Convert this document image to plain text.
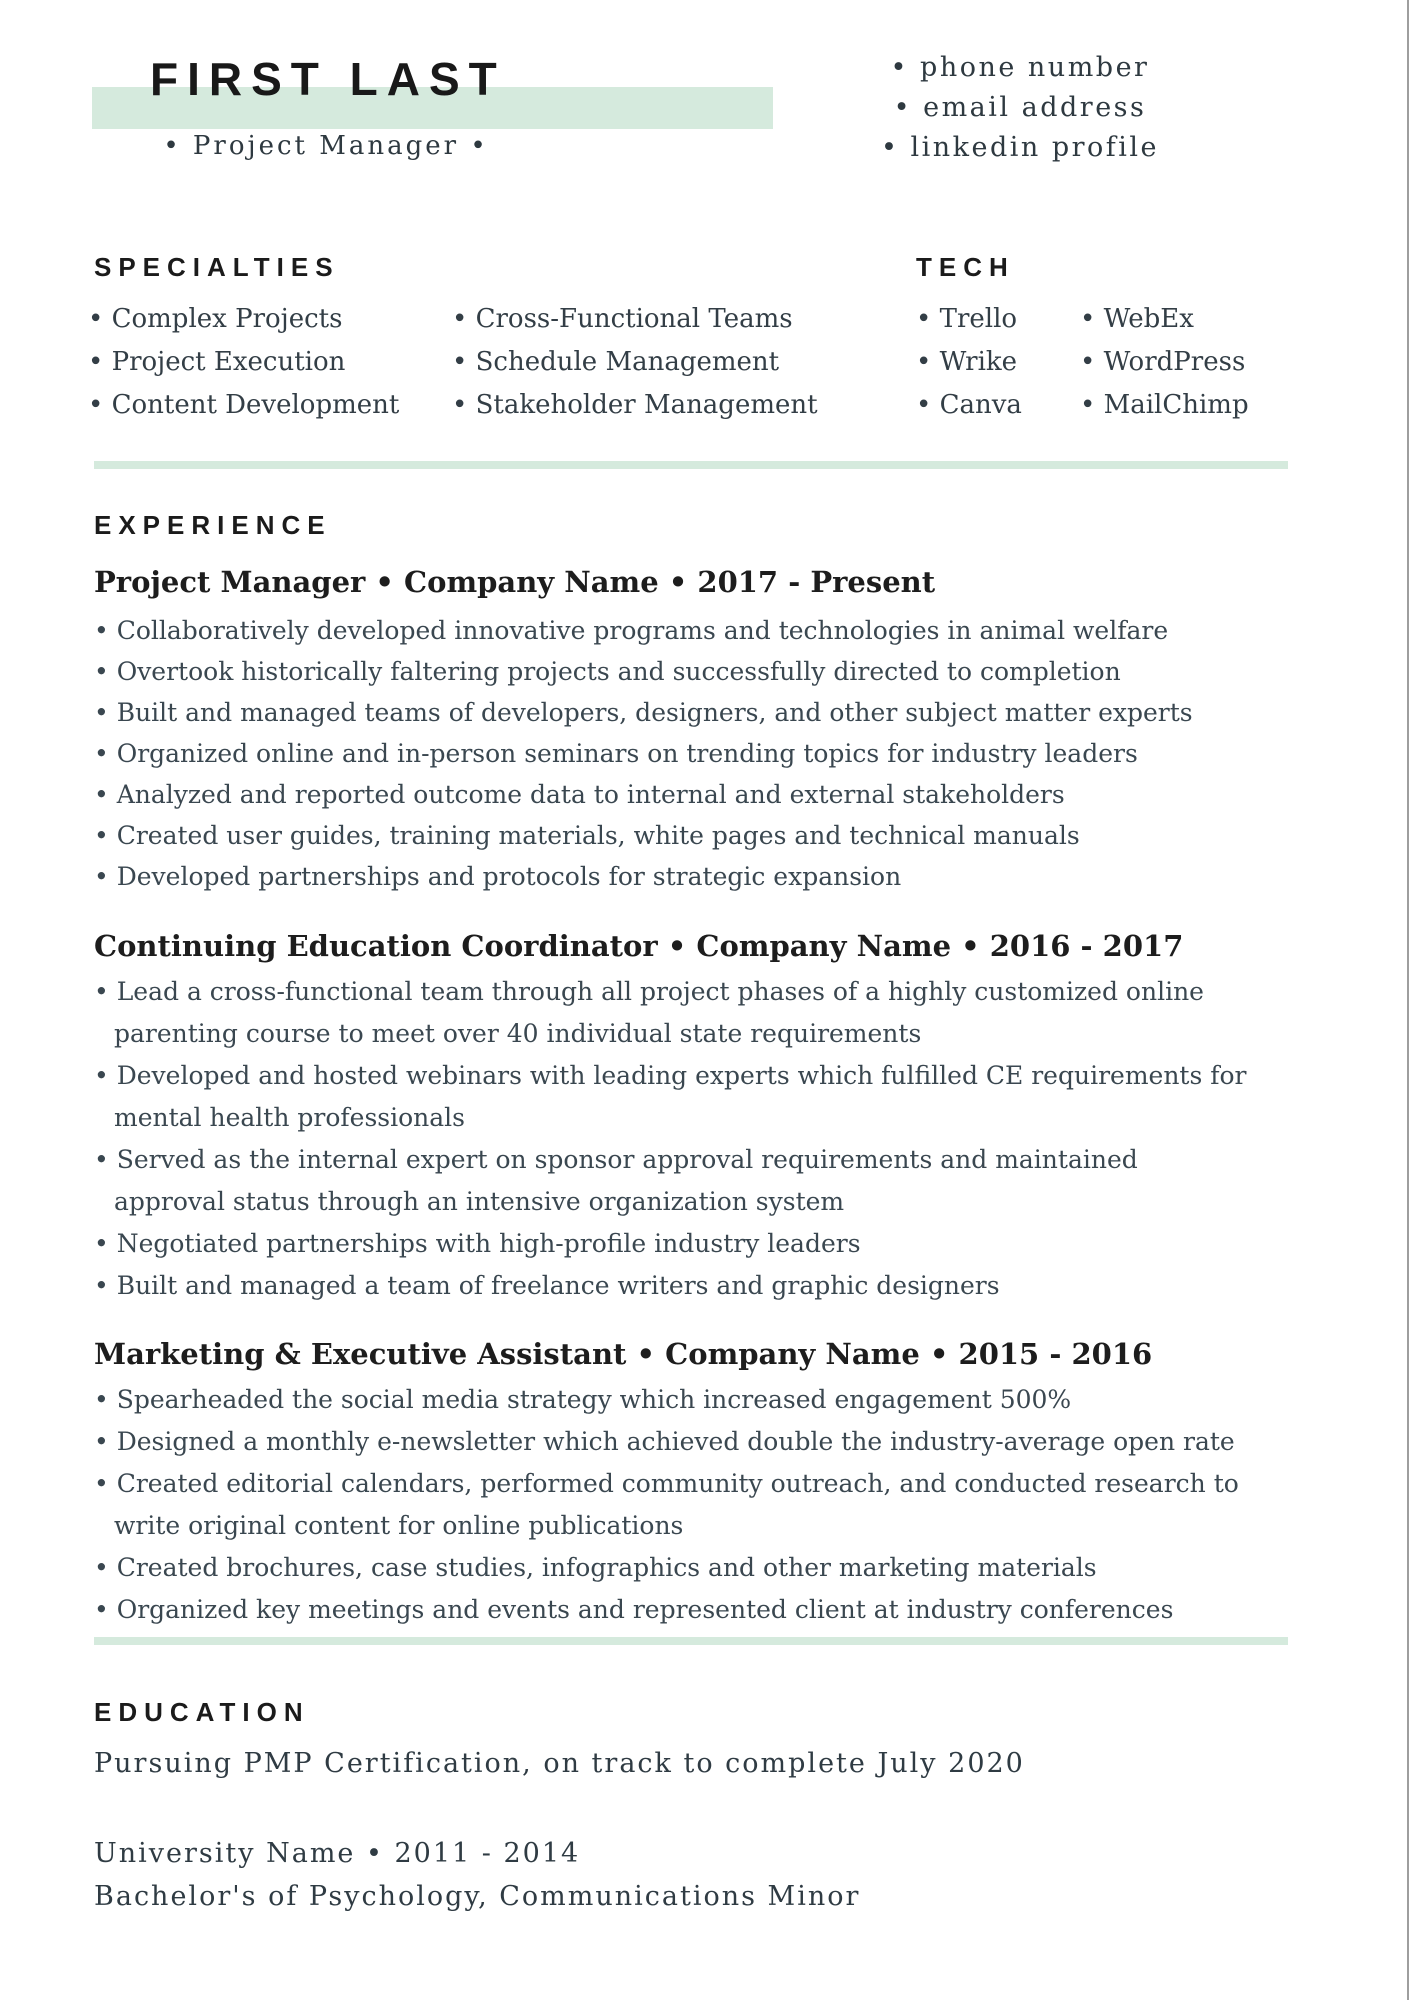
FIRST LAST
• Project Manager •
• phone number
• email address
• linkedin profile
SPECIALTIES
• Complex Projects
• Project Execution
• Content Development
• Cross-Functional Teams
• Schedule Management
• Stakeholder Management
TECH
• Trello
• Wrike
• Canva
• WebEx
• WordPress
• MailChimp
EXPERIENCE
Project Manager • Company Name • 2017 - Present
• Collaboratively developed innovative programs and technologies in animal welfare
• Overtook historically faltering projects and successfully directed to completion
• Built and managed teams of developers, designers, and other subject matter experts
• Organized online and in-person seminars on trending topics for industry leaders
• Analyzed and reported outcome data to internal and external stakeholders
• Created user guides, training materials, white pages and technical manuals
• Developed partnerships and protocols for strategic expansion
Continuing Education Coordinator • Company Name • 2016 - 2017
• Lead a cross-functional team through all project phases of a highly customized online
parenting course to meet over 40 individual state requirements
• Developed and hosted webinars with leading experts which fulfilled CE requirements for
mental health professionals
• Served as the internal expert on sponsor approval requirements and maintained
approval status through an intensive organization system
• Negotiated partnerships with high-profile industry leaders
• Built and managed a team of freelance writers and graphic designers
Marketing & Executive Assistant • Company Name • 2015 - 2016
• Spearheaded the social media strategy which increased engagement 500%
• Designed a monthly e-newsletter which achieved double the industry-average open rate
• Created editorial calendars, performed community outreach, and conducted research to
write original content for online publications
• Created brochures, case studies, infographics and other marketing materials
• Organized key meetings and events and represented client at industry conferences
EDUCATION
Pursuing PMP Certification, on track to complete July 2020
University Name • 2011 - 2014
Bachelor's of Psychology, Communications Minor
